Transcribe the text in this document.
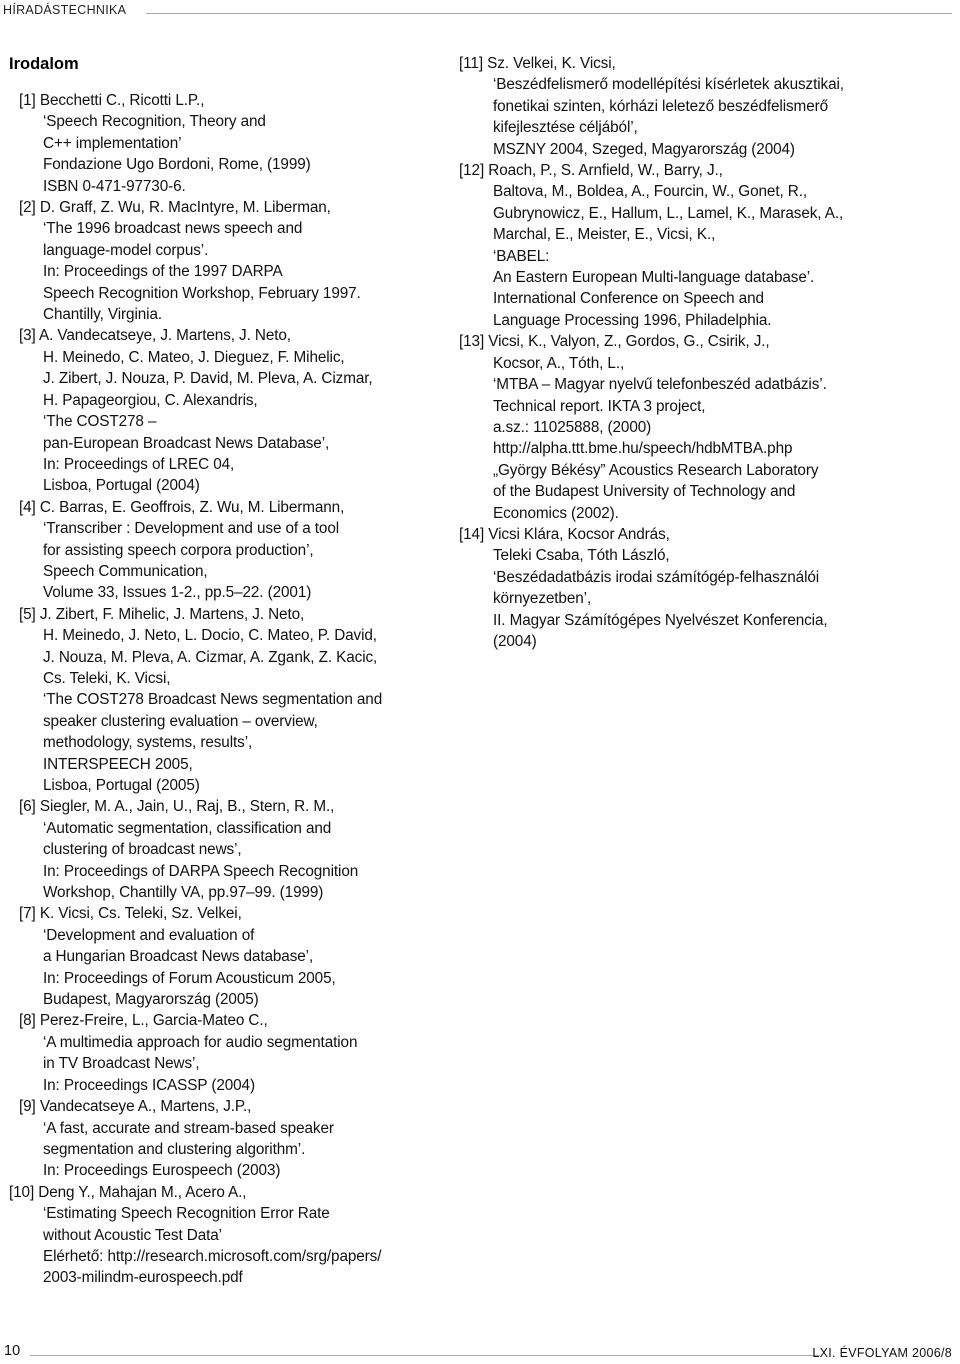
HÍRADÁSTECHNIKA
Irodalom
[1] Becchetti C., Ricotti L.P.,
‘Speech Recognition, Theory and
C++ implementation’
Fondazione Ugo Bordoni, Rome, (1999)
ISBN 0-471-97730-6.
[2] D. Graff, Z. Wu, R. MacIntyre, M. Liberman,
‘The 1996 broadcast news speech and
language-model corpus’.
In: Proceedings of the 1997 DARPA
Speech Recognition Workshop, February 1997.
Chantilly, Virginia.
[3] A. Vandecatseye, J. Martens, J. Neto,
H. Meinedo, C. Mateo, J. Dieguez, F. Mihelic,
J. Zibert, J. Nouza, P. David, M. Pleva, A. Cizmar,
H. Papageorgiou, C. Alexandris,
‘The COST278 –
pan-European Broadcast News Database’,
In: Proceedings of LREC 04,
Lisboa, Portugal (2004)
[4] C. Barras, E. Geoffrois, Z. Wu, M. Libermann,
‘Transcriber : Development and use of a tool
for assisting speech corpora production’,
Speech Communication,
Volume 33, Issues 1-2., pp.5–22. (2001)
[5] J. Zibert, F. Mihelic, J. Martens, J. Neto,
H. Meinedo, J. Neto, L. Docio, C. Mateo, P. David,
J. Nouza, M. Pleva, A. Cizmar, A. Zgank, Z. Kacic,
Cs. Teleki, K. Vicsi,
‘The COST278 Broadcast News segmentation and
speaker clustering evaluation – overview,
methodology, systems, results’,
INTERSPEECH 2005,
Lisboa, Portugal (2005)
[6] Siegler, M. A., Jain, U., Raj, B., Stern, R. M.,
‘Automatic segmentation, classification and
clustering of broadcast news’,
In: Proceedings of DARPA Speech Recognition
Workshop, Chantilly VA, pp.97–99. (1999)
[7] K. Vicsi, Cs. Teleki, Sz. Velkei,
‘Development and evaluation of
a Hungarian Broadcast News database’,
In: Proceedings of Forum Acousticum 2005,
Budapest, Magyarország (2005)
[8] Perez-Freire, L., Garcia-Mateo C.,
‘A multimedia approach for audio segmentation
in TV Broadcast News’,
In: Proceedings ICASSP (2004)
[9] Vandecatseye A., Martens, J.P.,
‘A fast, accurate and stream-based speaker
segmentation and clustering algorithm’.
In: Proceedings Eurospeech (2003)
[10] Deng Y., Mahajan M., Acero A.,
‘Estimating Speech Recognition Error Rate
without Acoustic Test Data’
Elérhető: http://research.microsoft.com/srg/papers/
2003-milindm-eurospeech.pdf
[11] Sz. Velkei, K. Vicsi,
‘Beszédfelismerő modellépítési kísérletek akusztikai,
fonetikai szinten, kórházi leletező beszédfelismerő
kifejlesztése céljából’,
MSZNY 2004, Szeged, Magyarország (2004)
[12] Roach, P., S. Arnfield, W., Barry, J.,
Baltova, M., Boldea, A., Fourcin, W., Gonet, R.,
Gubrynowicz, E., Hallum, L., Lamel, K., Marasek, A.,
Marchal, E., Meister, E., Vicsi, K.,
‘BABEL:
An Eastern European Multi-language database’.
International Conference on Speech and
Language Processing 1996, Philadelphia.
[13] Vicsi, K., Valyon, Z., Gordos, G., Csirik, J.,
Kocsor, A., Tóth, L.,
‘MTBA – Magyar nyelvű telefonbeszéd adatbázis’.
Technical report. IKTA 3 project,
a.sz.: 11025888, (2000)
http://alpha.ttt.bme.hu/speech/hdbMTBA.php
„György Békésy” Acoustics Research Laboratory
of the Budapest University of Technology and
Economics (2002).
[14] Vicsi Klára, Kocsor András,
Teleki Csaba, Tóth László,
‘Beszédadatbázis irodai számítógép-felhasználói
környezetben’,
II. Magyar Számítógépes Nyelvészet Konferencia,
(2004)
10	LXI. ÉVFOLYAM 2006/8
